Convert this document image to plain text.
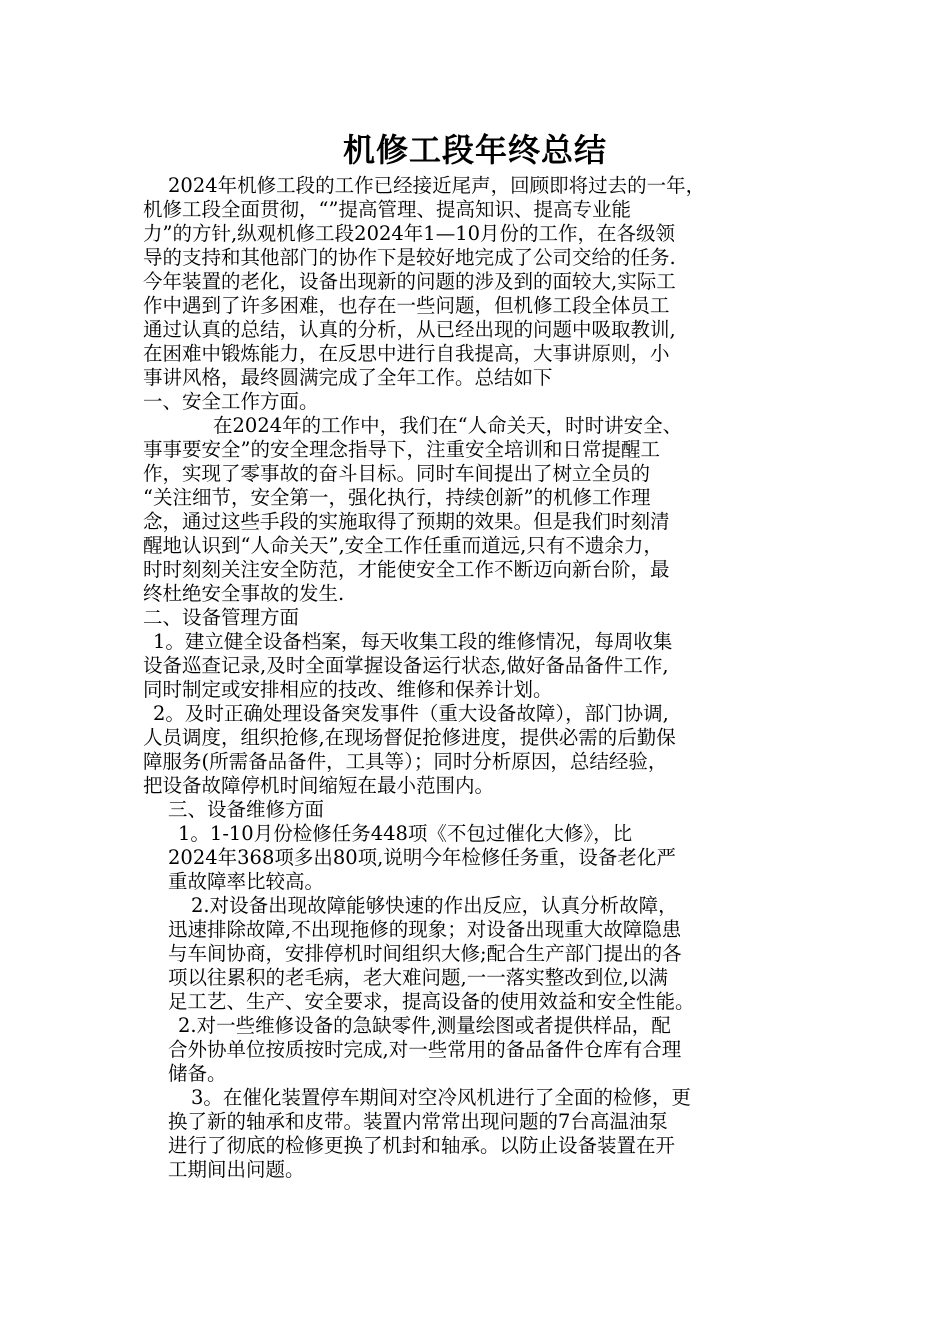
机修工段年终总结
2024年机修工段的工作已经接近尾声，回顾即将过去的一年，
机修工段全面贯彻，“”提高管理、提高知识、提高专业能
力”的方针,纵观机修工段2024年1—10月份的工作，在各级领
导的支持和其他部门的协作下是较好地完成了公司交给的任务.
今年装置的老化，设备出现新的问题的涉及到的面较大,实际工
作中遇到了许多困难，也存在一些问题，但机修工段全体员工
通过认真的总结，认真的分析，从已经出现的问题中吸取教训,
在困难中锻炼能力，在反思中进行自我提高，大事讲原则，小
事讲风格，最终圆满完成了全年工作。总结如下
一、安全工作方面。
在2024年的工作中，我们在“人命关天，时时讲安全、
事事要安全”的安全理念指导下，注重安全培训和日常提醒工
作，实现了零事故的奋斗目标。同时车间提出了树立全员的
“关注细节，安全第一，强化执行，持续创新”的机修工作理
念，通过这些手段的实施取得了预期的效果。但是我们时刻清
醒地认识到“人命关天”,安全工作任重而道远,只有不遗余力，
时时刻刻关注安全防范，才能使安全工作不断迈向新台阶，最
终杜绝安全事故的发生.
二、设备管理方面
1。建立健全设备档案，每天收集工段的维修情况，每周收集
设备巡查记录,及时全面掌握设备运行状态,做好备品备件工作,
同时制定或安排相应的技改、维修和保养计划。
2。及时正确处理设备突发事件（重大设备故障），部门协调,
人员调度，组织抢修,在现场督促抢修进度，提供必需的后勤保
障服务(所需备品备件，工具等）；同时分析原因，总结经验，
把设备故障停机时间缩短在最小范围内。
三、设备维修方面
1。1-10月份检修任务448项《不包过催化大修》，比
2024年368项多出80项,说明今年检修任务重，设备老化严
重故障率比较高。
2.对设备出现故障能够快速的作出反应，认真分析故障，
迅速排除故障,不出现拖修的现象；对设备出现重大故障隐患
与车间协商，安排停机时间组织大修;配合生产部门提出的各
项以往累积的老毛病，老大难问题,一一落实整改到位,以满
足工艺、生产、安全要求，提高设备的使用效益和安全性能。
2.对一些维修设备的急缺零件,测量绘图或者提供样品，配
合外协单位按质按时完成,对一些常用的备品备件仓库有合理
储备。
3。在催化装置停车期间对空冷风机进行了全面的检修，更
换了新的轴承和皮带。装置内常常出现问题的7台高温油泵
进行了彻底的检修更换了机封和轴承。以防止设备装置在开
工期间出问题。
